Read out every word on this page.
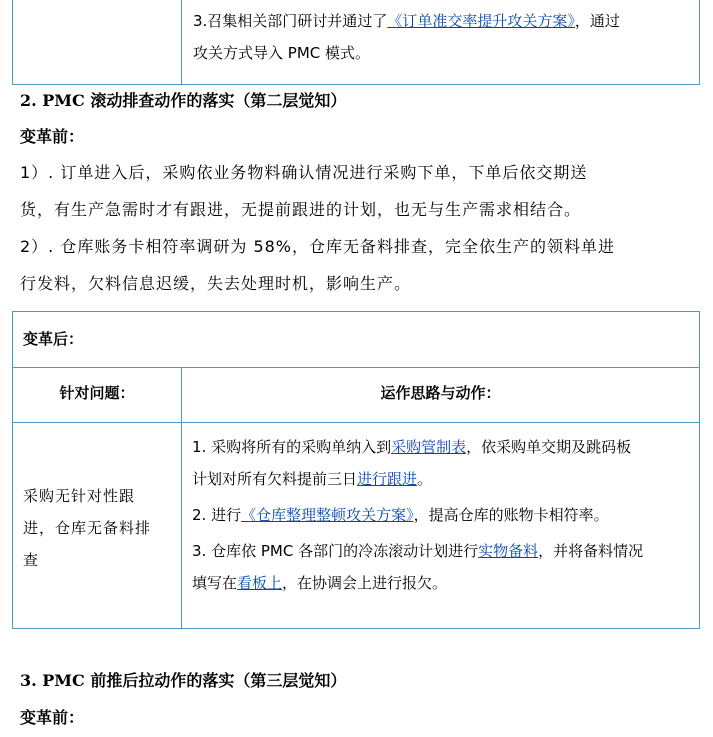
3.召集相关部门研讨并通过了《订单准交率提升攻关方案》，通过
攻关方式导入 PMC 模式。
2. PMC 滚动排查动作的落实（第二层觉知）
变革前：
1）. 订单进入后，采购依业务物料确认情况进行采购下单，下单后依交期送
货，有生产急需时才有跟进，无提前跟进的计划，也无与生产需求相结合。
2）. 仓库账务卡相符率调研为 58%，仓库无备料排查，完全依生产的领料单进
行发料，欠料信息迟缓，失去处理时机，影响生产。
变革后：
针对问题：	运作思路与动作：
采购无针对性跟
进，仓库无备料排
查
1. 采购将所有的采购单纳入到采购管制表，依采购单交期及跳码板
计划对所有欠料提前三日进行跟进。
2. 进行《仓库整理整顿攻关方案》，提高仓库的账物卡相符率。
3. 仓库依 PMC 各部门的冷冻滚动计划进行实物备料，并将备料情况
填写在看板上，在协调会上进行报欠。
3. PMC 前推后拉动作的落实（第三层觉知）
变革前：
